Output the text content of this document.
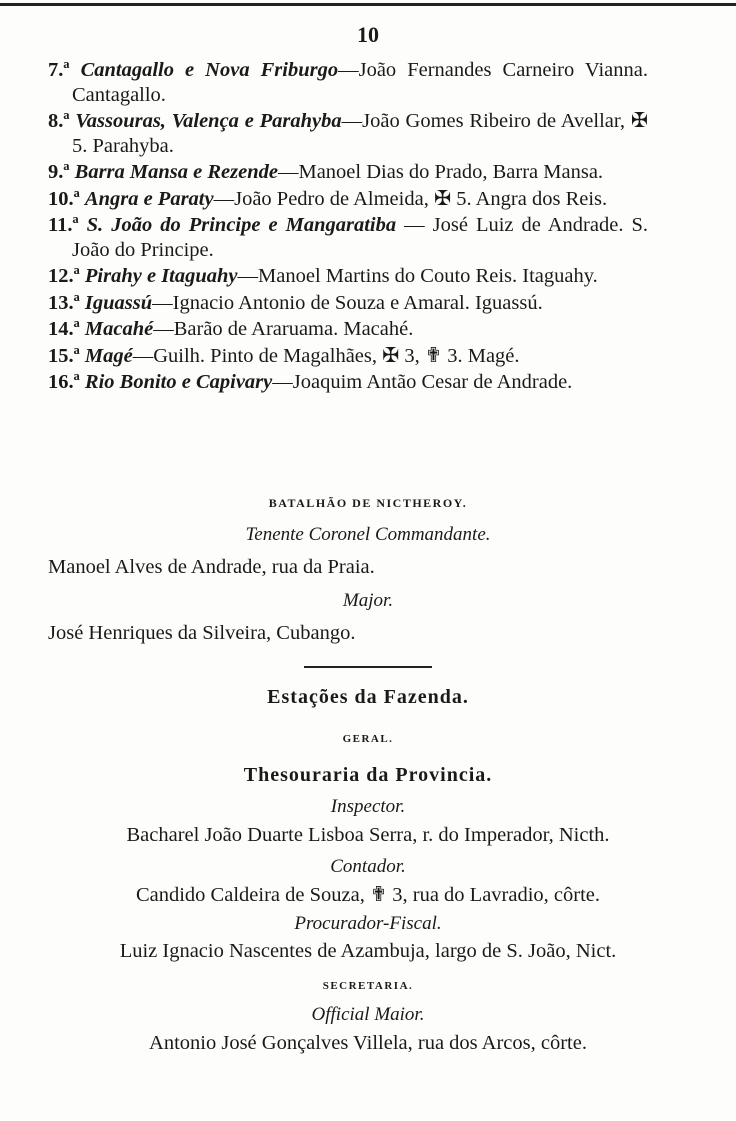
10
7.ª Cantagallo e Nova Friburgo—João Fernandes Carneiro Vianna. Cantagallo.
8.ª Vassouras, Valença e Parahyba—João Gomes Ribeiro de Avellar, ✠ 5. Parahyba.
9.ª Barra Mansa e Rezende—Manoel Dias do Prado, Barra Mansa.
10.ª Angra e Paraty—João Pedro de Almeida, ✠ 5. Angra dos Reis.
11.ª S. João do Principe e Mangaratiba — José Luiz de Andrade. S. João do Principe.
12.ª Pirahy e Itaguahy—Manoel Martins do Couto Reis. Itaguahy.
13.ª Iguassú—Ignacio Antonio de Souza e Amaral. Iguassú.
14.ª Macahé—Barão de Araruama. Macahé.
15.ª Magé—Guilh. Pinto de Magalhães, ✠ 3, ✟ 3. Magé.
16.ª Rio Bonito e Capivary—Joaquim Antão Cesar de Andrade.
BATALHÃO DE NICTHEROY.
Tenente Coronel Commandante.
Manoel Alves de Andrade, rua da Praia.
Major.
José Henriques da Silveira, Cubango.
Estações da Fazenda.
GERAL.
Thesouraria da Provincia.
Inspector.
Bacharel João Duarte Lisboa Serra, r. do Imperador, Nicth.
Contador.
Candido Caldeira de Souza, ✟ 3, rua do Lavradio, côrte.
Procurador-Fiscal.
Luiz Ignacio Nascentes de Azambuja, largo de S. João, Nict.
SECRETARIA.
Official Maior.
Antonio José Gonçalves Villela, rua dos Arcos, côrte.
